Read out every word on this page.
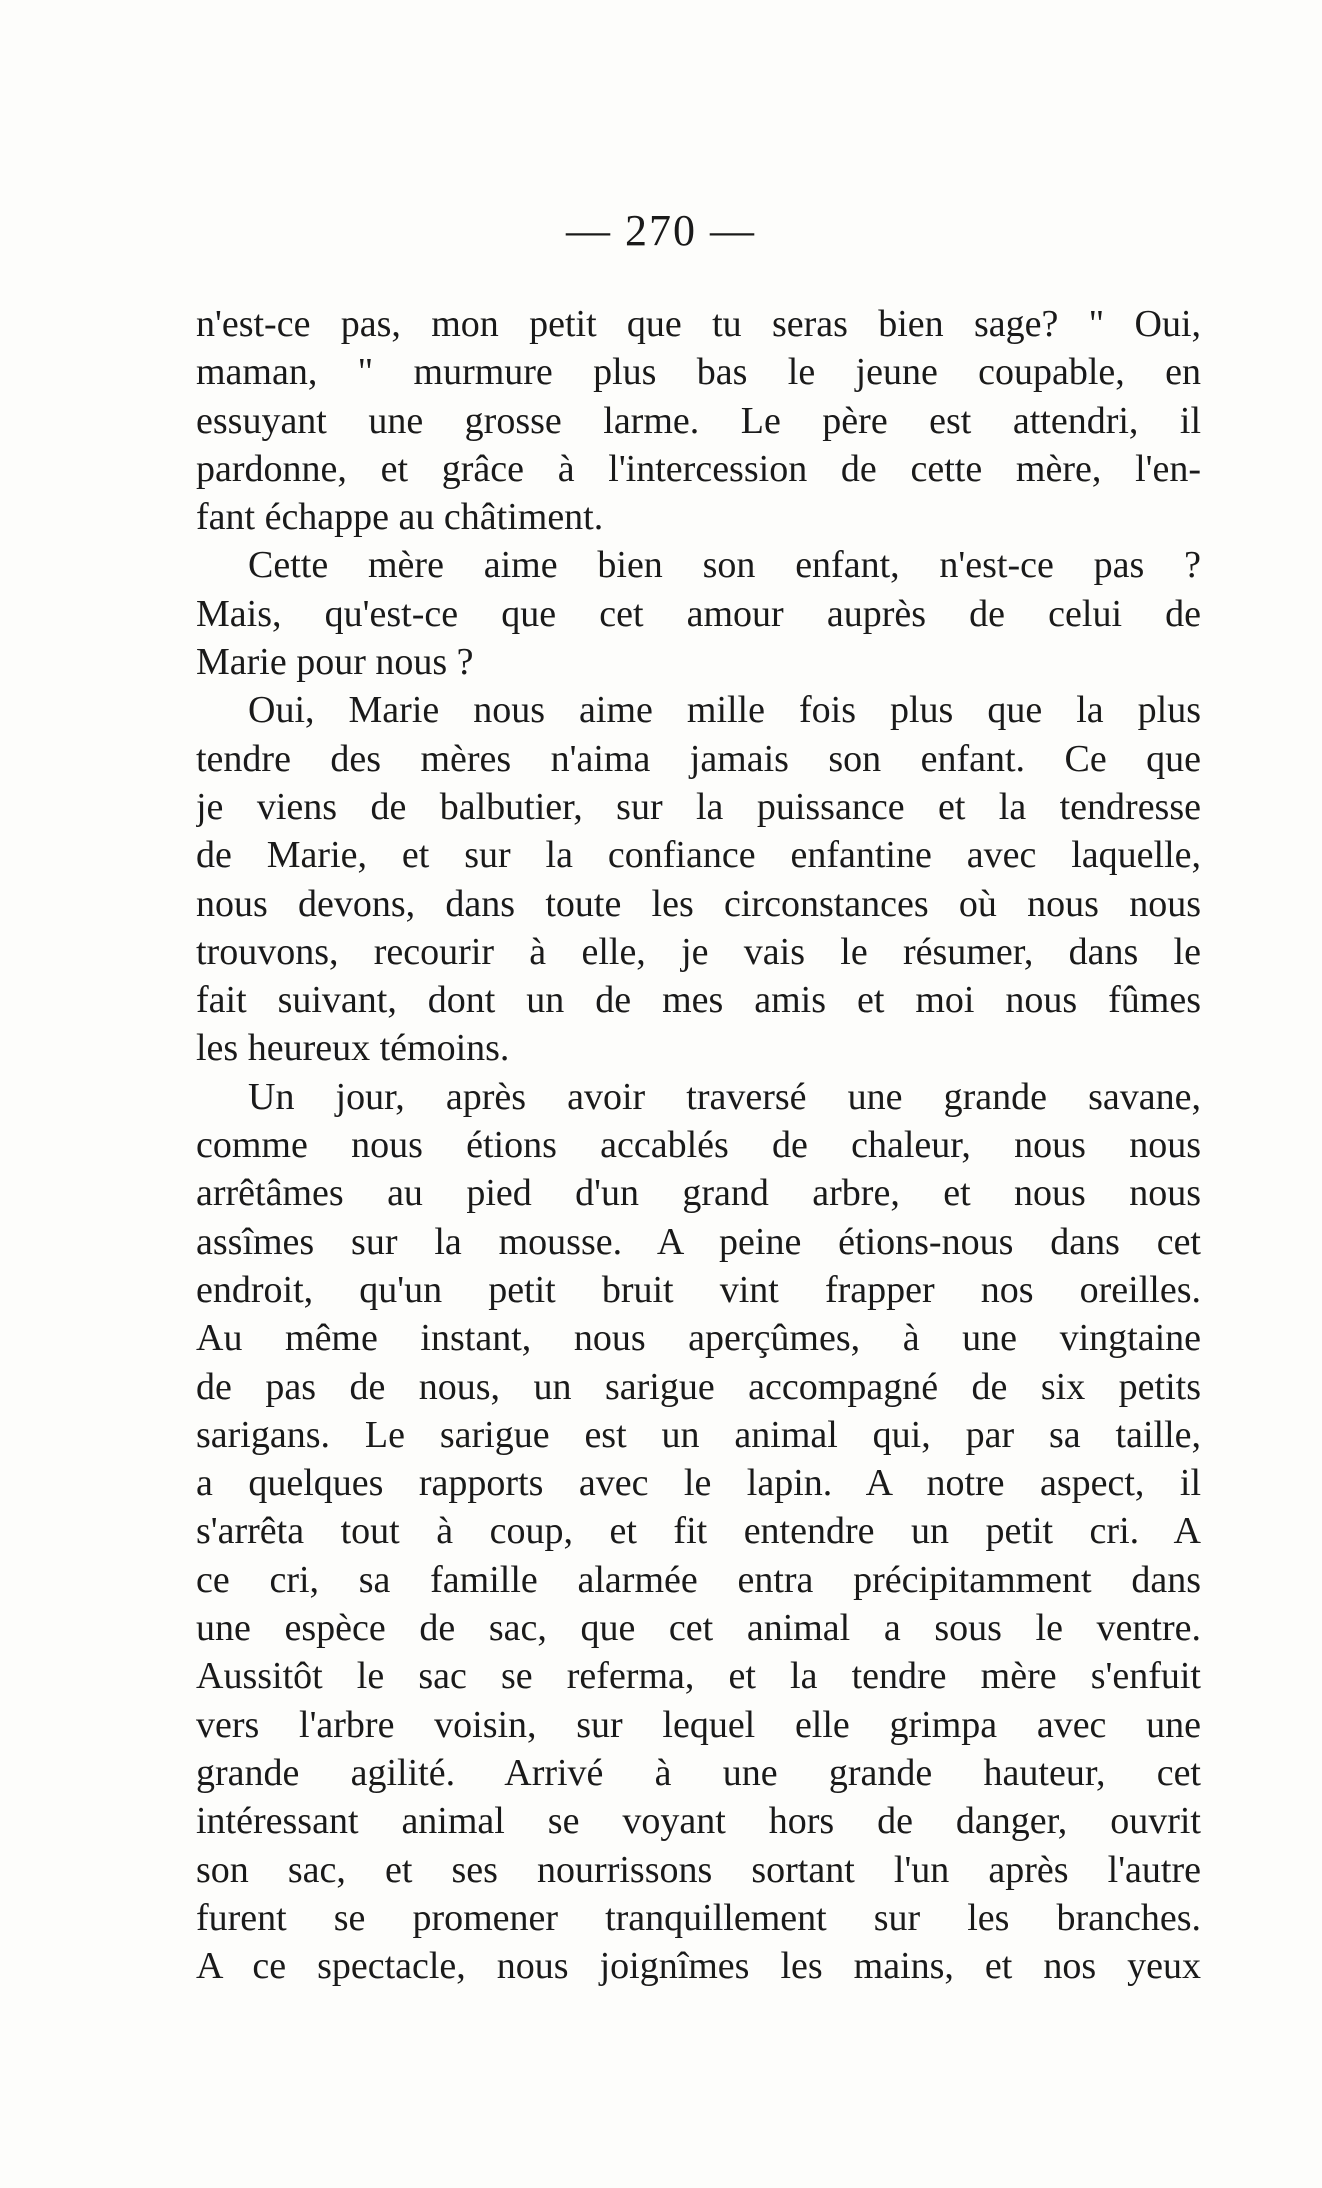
— 270 —
n'est-ce pas, mon petit que tu seras bien sage? " Oui,
maman, " murmure plus bas le jeune coupable, en
essuyant une grosse larme. Le père est attendri, il
pardonne, et grâce à l'intercession de cette mère, l'en-
fant échappe au châtiment.
Cette mère aime bien son enfant, n'est-ce pas ?
Mais, qu'est-ce que cet amour auprès de celui de
Marie pour nous ?
Oui, Marie nous aime mille fois plus que la plus
tendre des mères n'aima jamais son enfant. Ce que
je viens de balbutier, sur la puissance et la tendresse
de Marie, et sur la confiance enfantine avec laquelle,
nous devons, dans toute les circonstances où nous nous
trouvons, recourir à elle, je vais le résumer, dans le
fait suivant, dont un de mes amis et moi nous fûmes
les heureux témoins.
Un jour, après avoir traversé une grande savane,
comme nous étions accablés de chaleur, nous nous
arrêtâmes au pied d'un grand arbre, et nous nous
assîmes sur la mousse. A peine étions-nous dans cet
endroit, qu'un petit bruit vint frapper nos oreilles.
Au même instant, nous aperçûmes, à une vingtaine
de pas de nous, un sarigue accompagné de six petits
sarigans. Le sarigue est un animal qui, par sa taille,
a quelques rapports avec le lapin. A notre aspect, il
s'arrêta tout à coup, et fit entendre un petit cri. A
ce cri, sa famille alarmée entra précipitamment dans
une espèce de sac, que cet animal a sous le ventre.
Aussitôt le sac se referma, et la tendre mère s'enfuit
vers l'arbre voisin, sur lequel elle grimpa avec une
grande agilité. Arrivé à une grande hauteur, cet
intéressant animal se voyant hors de danger, ouvrit
son sac, et ses nourrissons sortant l'un après l'autre
furent se promener tranquillement sur les branches.
A ce spectacle, nous joignîmes les mains, et nos yeux
